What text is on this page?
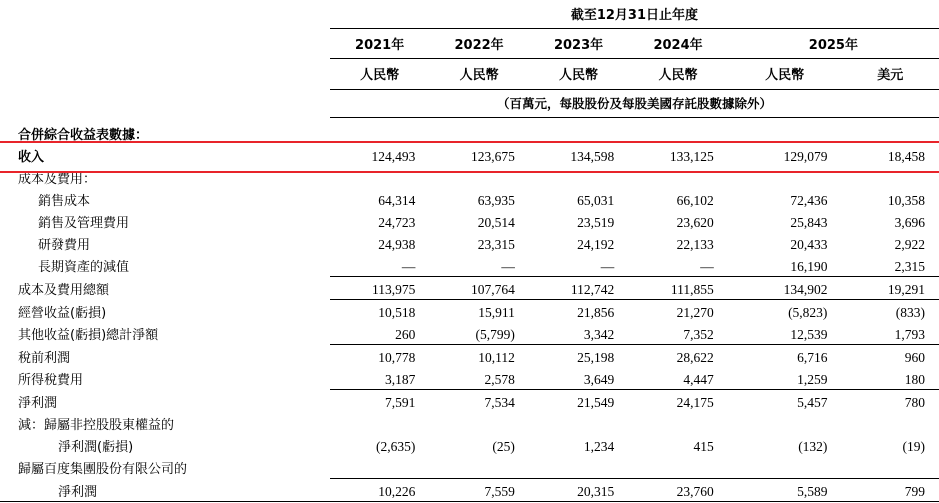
	截至12月31日止年度					
	2021年	2022年	2023年	2024年	2025年	
	人民幣	人民幣	人民幣	人民幣	人民幣	美元
	（百萬元，每股股份及每股美國存託股數據除外）					
合併綜合收益表數據：						
收入	124,493	123,675	134,598	133,125	129,079	18,458
成本及費用：						
銷售成本	64,314	63,935	65,031	66,102	72,436	10,358
銷售及管理費用	24,723	20,514	23,519	23,620	25,843	3,696
研發費用	24,938	23,315	24,192	22,133	20,433	2,922
長期資產的減值	—	—	—	—	16,190	2,315
成本及費用總額	113,975	107,764	112,742	111,855	134,902	19,291
經營收益(虧損)	10,518	15,911	21,856	21,270	(5,823)	(833)
其他收益(虧損)總計淨額	260	(5,799)	3,342	7,352	12,539	1,793
稅前利潤	10,778	10,112	25,198	28,622	6,716	960
所得稅費用	3,187	2,578	3,649	4,447	1,259	180
淨利潤	7,591	7,534	21,549	24,175	5,457	780
減：歸屬非控股股東權益的						
淨利潤(虧損)	(2,635)	(25)	1,234	415	(132)	(19)
歸屬百度集團股份有限公司的						
淨利潤	10,226	7,559	20,315	23,760	5,589	799
